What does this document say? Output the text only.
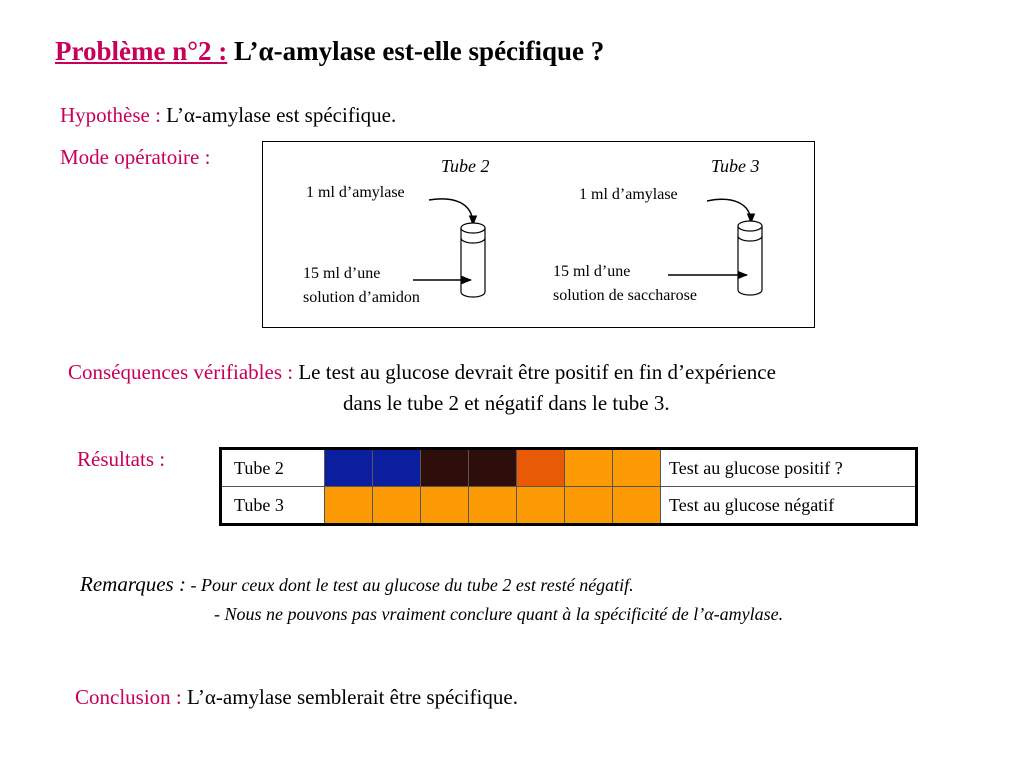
Problème n°2 : L’α-amylase est-elle spécifique ?
Hypothèse : L’α-amylase est spécifique.
Mode opératoire :	Tube 2
1 ml d’amylase
15 ml d’une
solution d’amidon
Tube 3
1 ml d’amylase
15 ml d’une
solution de saccharose
Conséquences vérifiables : Le test au glucose devrait être positif en fin d’expérience
dans le tube 2 et négatif dans le tube 3.
Résultats :	Tube 2								Test au glucose positif ?
Tube 3								Test au glucose négatif
Remarques : - Pour ceux dont le test au glucose du tube 2 est resté négatif.
- Nous ne pouvons pas vraiment conclure quant à la spécificité de l’α-amylase.
Conclusion : L’α-amylase semblerait être spécifique.
